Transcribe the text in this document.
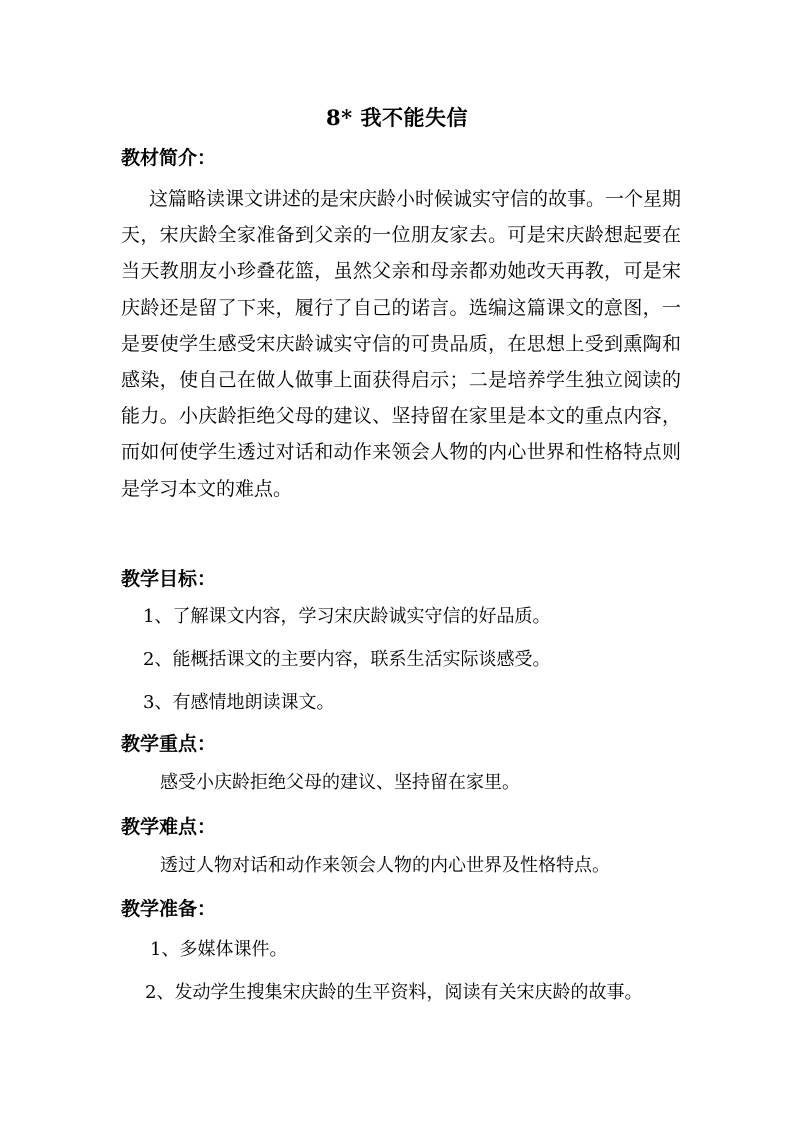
8* 我不能失信
教材简介：
这篇略读课文讲述的是宋庆龄小时候诚实守信的故事。一个星期天，宋庆龄全家准备到父亲的一位朋友家去。可是宋庆龄想起要在当天教朋友小珍叠花篮，虽然父亲和母亲都劝她改天再教，可是宋庆龄还是留了下来，履行了自己的诺言。选编这篇课文的意图，一是要使学生感受宋庆龄诚实守信的可贵品质，在思想上受到熏陶和感染，使自己在做人做事上面获得启示；二是培养学生独立阅读的能力。小庆龄拒绝父母的建议、坚持留在家里是本文的重点内容，而如何使学生透过对话和动作来领会人物的内心世界和性格特点则是学习本文的难点。
教学目标：
1、了解课文内容，学习宋庆龄诚实守信的好品质。
2、能概括课文的主要内容，联系生活实际谈感受。
3、有感情地朗读课文。
教学重点：
感受小庆龄拒绝父母的建议、坚持留在家里。
教学难点：
透过人物对话和动作来领会人物的内心世界及性格特点。
教学准备：
1、多媒体课件。
2、发动学生搜集宋庆龄的生平资料，阅读有关宋庆龄的故事。
